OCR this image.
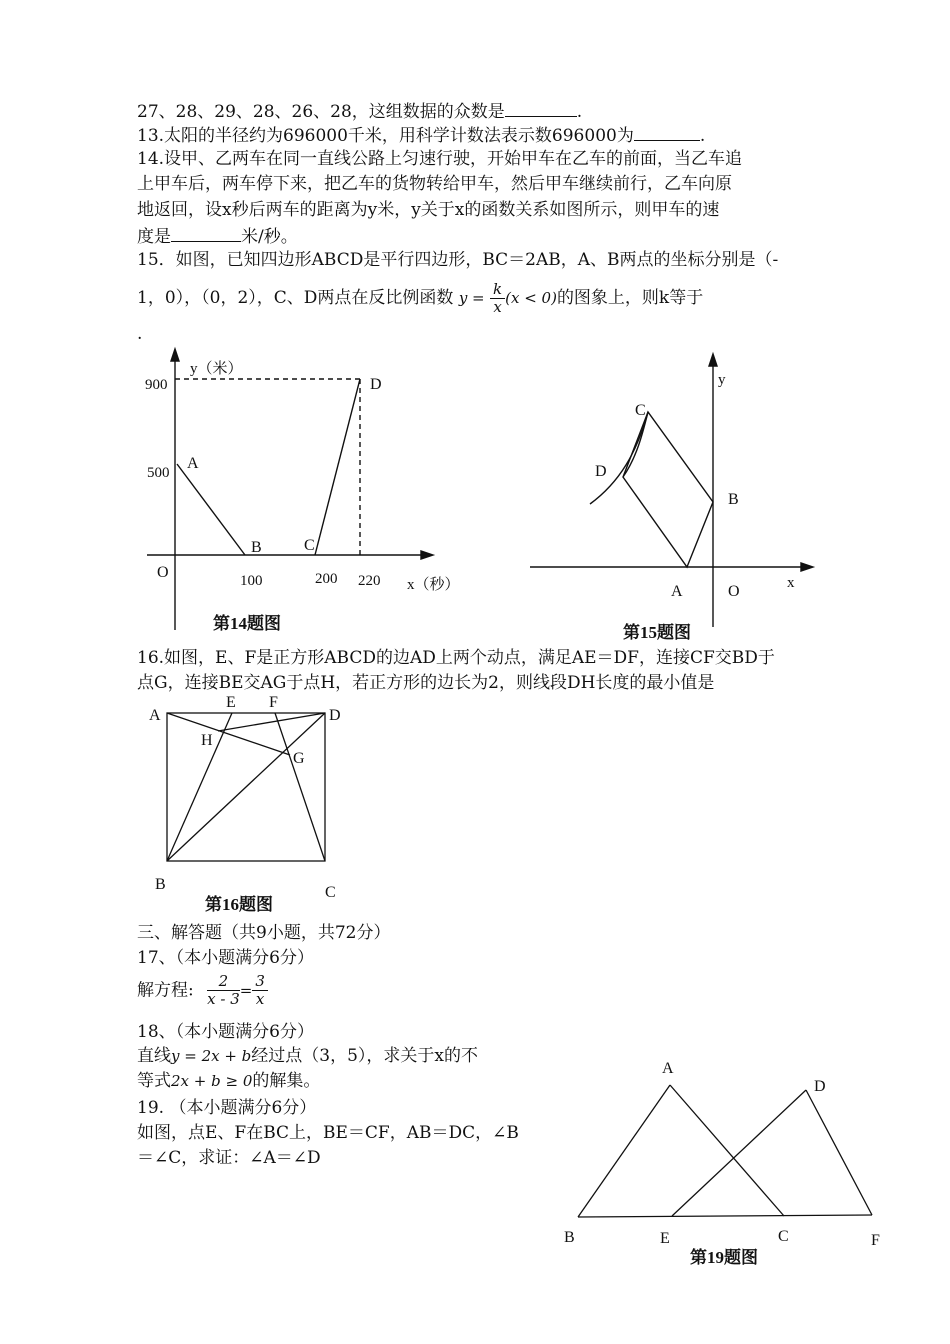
27、28、29、28、26、28，这组数据的众数是	.
13.太阳的半径约为696000千米，用科学计数法表示数696000为	.
14.设甲、乙两车在同一直线公路上匀速行驶，开始甲车在乙车的前面，当乙车追
上甲车后，两车停下来，把乙车的货物转给甲车，然后甲车继续前行，乙车向原
地返回，设x秒后两车的距离为y米，y关于x的函数关系如图所示，则甲车的速
度是	米/秒。
15．如图，已知四边形ABCD是平行四边形，BC＝2AB，A、B两点的坐标分别是（-
1，0），（0，2），C、D两点在反比例函数 $y = \frac{k}{x} (x < 0)$的图象上，则k等于
.
y（米）
900
500
O	100	200 220 x（秒）
A
B	C
D
第14题图
y
x
O
A
B
C
D
第15题图
16.如图，E、F是正方形ABCD的边AD上两个动点，满足AE＝DF，连接CF交BD于
点G，连接BE交AG于点H，若正方形的边长为2，则线段DH长度的最小值是
A
E F
D
H
G
B	C
第16题图
三、解答题（共9小题，共72分）
17、（本小题满分6分）
解方程: $\frac{2}{x - 3} = \frac{3}{x}$
18、（本小题满分6分）
直线y = 2x + b经过点（3，5），求关于x的不
等式2x + b ≥ 0的解集。
19. （本小题满分6分）
如图，点E、F在BC上，BE＝CF，AB＝DC，∠B
＝∠C，求证：∠A＝∠D
A
D
B	E	C	F
第19题图
